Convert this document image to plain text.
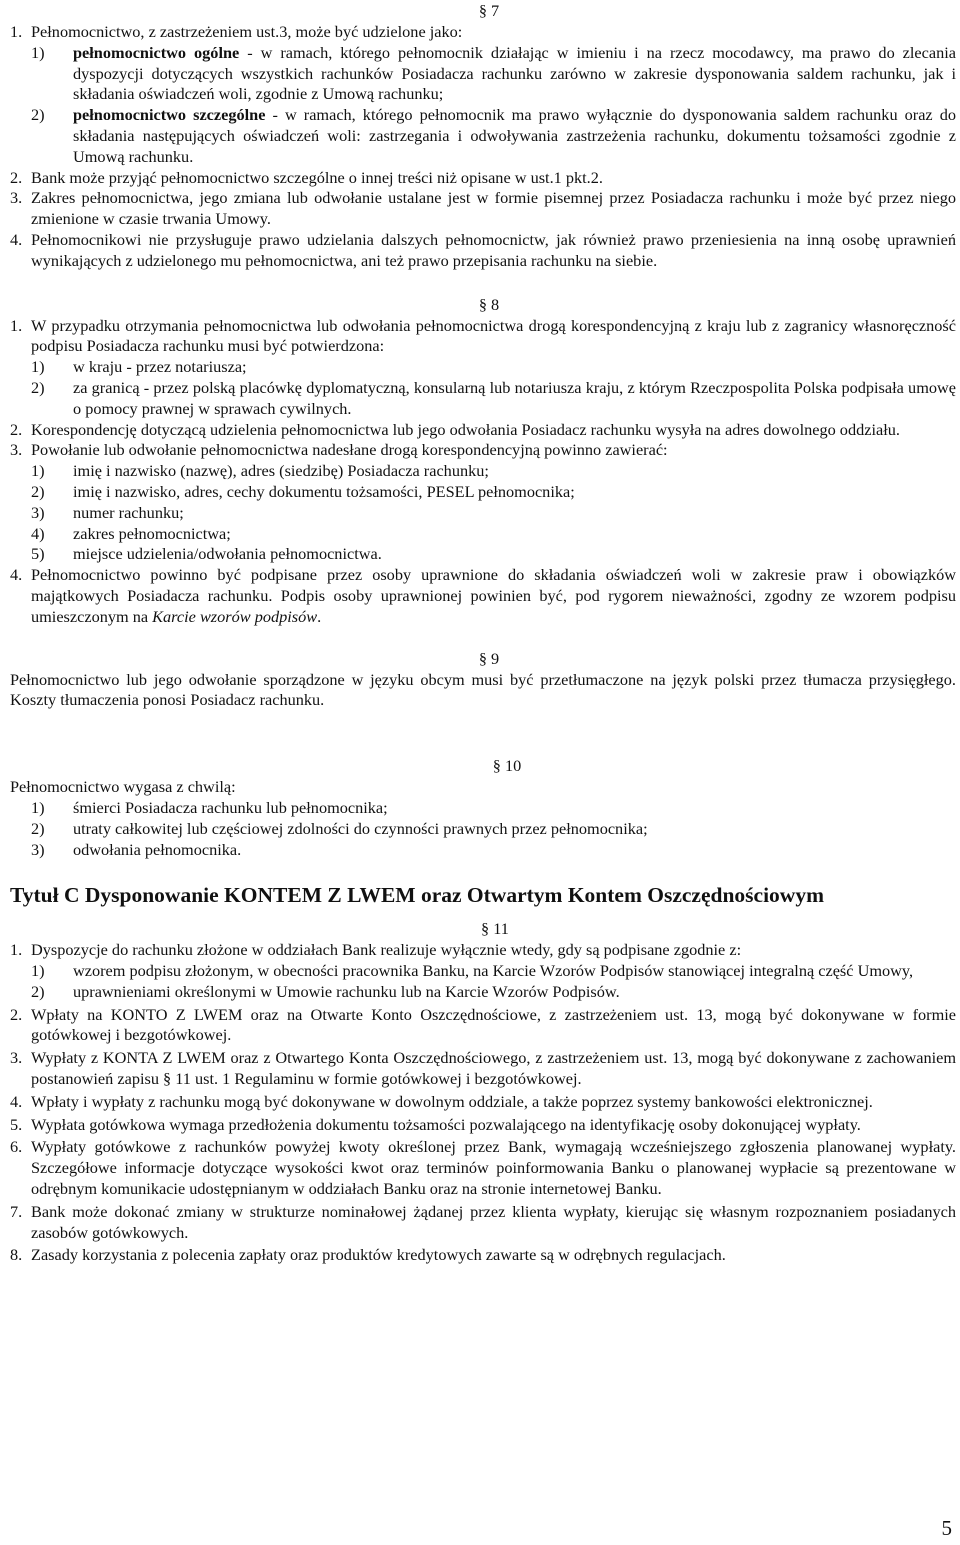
§ 7
1. Pełnomocnictwo, z zastrzeżeniem ust.3, może być udzielone jako:
1)	pełnomocnictwo ogólne - w ramach, którego pełnomocnik działając w imieniu i na rzecz mocodawcy, ma prawo do zlecania dyspozycji dotyczących wszystkich rachunków Posiadacza rachunku zarówno w zakresie dysponowania saldem rachunku, jak i składania oświadczeń woli, zgodnie z Umową rachunku;
2)	pełnomocnictwo szczególne - w ramach, którego pełnomocnik ma prawo wyłącznie do dysponowania saldem rachunku oraz do składania następujących oświadczeń woli: zastrzegania i odwoływania zastrzeżenia rachunku, dokumentu tożsamości zgodnie z Umową rachunku.
2. Bank może przyjąć pełnomocnictwo szczególne o innej treści niż opisane w ust.1 pkt.2.
3. Zakres pełnomocnictwa, jego zmiana lub odwołanie ustalane jest w formie pisemnej przez Posiadacza rachunku i może być przez niego zmienione w czasie trwania Umowy.
4. Pełnomocnikowi nie przysługuje prawo udzielania dalszych pełnomocnictw, jak również prawo przeniesienia na inną osobę uprawnień wynikających z udzielonego mu pełnomocnictwa, ani też prawo przepisania rachunku na siebie.
§ 8
1. W przypadku otrzymania pełnomocnictwa lub odwołania pełnomocnictwa drogą korespondencyjną z kraju lub z zagranicy własnoręczność podpisu Posiadacza rachunku musi być potwierdzona:
1)	w kraju - przez notariusza;
2)	za granicą - przez polską placówkę dyplomatyczną, konsularną lub notariusza kraju, z którym Rzeczpospolita Polska podpisała umowę o pomocy prawnej w sprawach cywilnych.
2. Korespondencję dotyczącą udzielenia pełnomocnictwa lub jego odwołania Posiadacz rachunku wysyła na adres dowolnego oddziału.
3. Powołanie lub odwołanie pełnomocnictwa nadesłane drogą korespondencyjną powinno zawierać:
1)	imię i nazwisko (nazwę), adres (siedzibę) Posiadacza rachunku;
2)	imię i nazwisko, adres, cechy dokumentu tożsamości, PESEL pełnomocnika;
3)	numer rachunku;
4)	zakres pełnomocnictwa;
5)	miejsce udzielenia/odwołania pełnomocnictwa.
4. Pełnomocnictwo powinno być podpisane przez osoby uprawnione do składania oświadczeń woli w zakresie praw i obowiązków majątkowych Posiadacza rachunku. Podpis osoby uprawnionej powinien być, pod rygorem nieważności, zgodny ze wzorem podpisu umieszczonym na Karcie wzorów podpisów.
§ 9
Pełnomocnictwo lub jego odwołanie sporządzone w języku obcym musi być przetłumaczone na język polski przez tłumacza przysięgłego. Koszty tłumaczenia ponosi Posiadacz rachunku.
§ 10
Pełnomocnictwo wygasa z chwilą:
1)	śmierci Posiadacza rachunku lub pełnomocnika;
2)	utraty całkowitej lub częściowej zdolności do czynności prawnych przez pełnomocnika;
3)	odwołania pełnomocnika.
Tytuł C Dysponowanie KONTEM Z LWEM oraz Otwartym Kontem Oszczędnościowym
§ 11
1. Dyspozycje do rachunku złożone w oddziałach Bank realizuje wyłącznie wtedy, gdy są podpisane zgodnie z:
1)	wzorem podpisu złożonym, w obecności pracownika Banku, na Karcie Wzorów Podpisów stanowiącej integralną część Umowy,
2)	uprawnieniami określonymi w Umowie rachunku lub na Karcie Wzorów Podpisów.
2. Wpłaty na KONTO Z LWEM oraz na Otwarte Konto Oszczędnościowe, z zastrzeżeniem ust. 13, mogą być dokonywane w formie gotówkowej i bezgotówkowej.
3. Wypłaty z KONTA Z LWEM oraz z Otwartego Konta Oszczędnościowego, z zastrzeżeniem ust. 13, mogą być dokonywane z zachowaniem postanowień zapisu § 11 ust. 1 Regulaminu w formie gotówkowej i bezgotówkowej.
4. Wpłaty i wypłaty z rachunku mogą być dokonywane w dowolnym oddziale, a także poprzez systemy bankowości elektronicznej.
5. Wypłata gotówkowa wymaga przedłożenia dokumentu tożsamości pozwalającego na identyfikację osoby dokonującej wypłaty.
6. Wypłaty gotówkowe z rachunków powyżej kwoty określonej przez Bank, wymagają wcześniejszego zgłoszenia planowanej wypłaty. Szczegółowe informacje dotyczące wysokości kwot oraz terminów poinformowania Banku o planowanej wypłacie są prezentowane w odrębnym komunikacie udostępnianym w oddziałach Banku oraz na stronie internetowej Banku.
7. Bank może dokonać zmiany w strukturze nominałowej żądanej przez klienta wypłaty, kierując się własnym rozpoznaniem posiadanych zasobów gotówkowych.
8. Zasady korzystania z polecenia zapłaty oraz produktów kredytowych zawarte są w odrębnych regulacjach.
5
